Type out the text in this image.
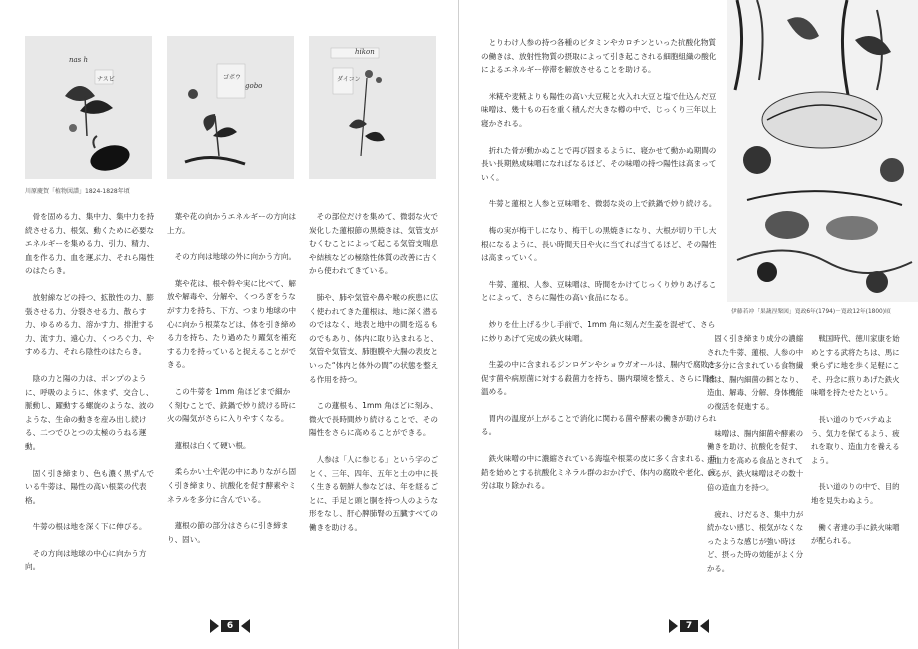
nas h
ナスビ
gobo
ゴボウ
hikon
ダイコン
川原慶賀「植物図譜」1824-1828年頃

骨を固める力、集中力、集中力を持続させる力、根気、動くために必要なエネルギーを集める力、引力、精力、血を作る力、血を運ぶ力、それら陽性のはたらき。

放射線などの持つ、拡散性の力、膨張させる力、分裂させる力、散らす力、ゆるめる力、溶かす力、排泄する力、流す力、遠心力、くつろぐ力、やすめる力、それら陰性のはたらき。

陰の力と陽の力は、ポンプのように、呼吸のように、休まず、交合し、脈動し、躍動する螺旋のような、波のような、生命の動きを産み出し続ける、二つでひとつの太極のうねる運動。

固く引き締まり、色も濃く黒ずんでいる牛蒡は、陽性の高い根菜の代表格。

牛蒡の根は地を深く下に伸びる。

その方向は地球の中心に向かう方向。

葉や花の向かうエネルギーの方向は上方。

その方向は地球の外に向かう方向。

葉や花は、根や幹や実に比べて、解放や解毒や、分解や、くつろぎをうながす力を持ち、下方、つまり地球の中心に向かう根菜などは、体を引き締める力を持ち、たり過めたり躍気を補充する力を持っていると捉えることができる。

この牛蒡を 1mm 角ほどまで細かく刻むことで、鉄鍋で炒り続ける時に火の陽気がさらに入りやすくなる。

蓮根は白くて硬い根。

柔らかい土や泥の中にありながら固く引き締まり、抗酸化を促す酵素やミネラルを多分に含んでいる。

蓮根の節の部分はさらに引き締まり、固い。

その部位だけを集めて、微弱な火で炭化した蓮根節の黒焼きは、気管支がむくむことによって起こる気管支喘息や結核などの極陰性体質の改善に古くから使われてきている。

肺や、肺や気管や鼻や喉の疾患に広く使われてきた蓮根は、地に深く潜るのではなく、地表と地中の間を巡るものでもあり、体内に取り込まれると、気管や気管支、肺胞膜や大腸の表皮といった“体内と体外の間”の状態を整える作用を持つ。

この蓮根も、1mm 角ほどに刻み、微火で長時間炒り続けることで、その陽性をさらに高めることができる。

人参は「人に参じる」という字のごとく、三年、四年、五年と土の中に長く生きる朝鮮人参などは、年を経るごとに、手足と頭と胴を持つ人のような形をなし、肝心脾肺腎の五臓すべての働きを助ける。

6

とりわけ人参の持つ各種のビタミンやカロチンといった抗酸化物質の働きは、放射性物質の摂取によって引き起こされる細胞組織の酸化によるエネルギー停滞を解放させることを助ける。

米糀や麦糀よりも陽性の高い大豆糀と火入れ大豆と塩で仕込んだ豆味噌は、幾十もの石を重く積んだ大きな樽の中で、じっくり三年以上寝かされる。

折れた骨が動かぬことで再び固まるように、寝かせて動かぬ期間の長い長期熟成味噌になればなるほど、その味噌の持つ陽性は高まっていく。

牛蒡と蓮根と人参と豆味噌を、微弱な炎の上で鉄鍋で炒り続ける。

梅の実が梅干しになり、梅干しの黒焼きになり、大根が切り干し大根になるように、長い時間天日や火に当てれば当てるほど、その陽性は高まっていく。

牛蒡、蓮根、人参、豆味噌は、時間をかけてじっくり炒りあげることによって、さらに陽性の高い食品になる。

炒りを仕上げる少し手前で、1mm 角に刻んだ生姜を混ぜて、さらに炒りあげて完成の鉄火味噌。

生姜の中に含まれるジンロゲンやショウガオールは、腸内で腐敗を促す菌や病原菌に対する殺菌力を持ち、腸内環境を整え、さらに胃を温める。

胃内の温度が上がることで消化に関わる菌や酵素の働きが助けられる。

鉄火味噌の中に濃縮されている海塩や根菜の皮に多く含まれる、亜鉛を始めとする抗酸化ミネラル群のおかげで、体内の腐敗や老化、疲労は取り除かれる。

伊藤若冲「果蔬涅槃図」寛政6年(1794)－寛政12年(1800)頃

固く引き締まり成分の濃縮された牛蒡、蓮根、人参の中に多分に含まれている食物繊維は、腸内細菌の餌となり、造血、解毒、分解、身体機能の復活を促進する。

味噌は、腸内細菌や酵素の働きを助け、抗酸化を促す、造血力を高める食品とされているが、鉄火味噌はその数十倍の造血力を持つ。

疲れ、けだるさ、集中力が続かない感じ、根気がなくなったような感じが強い時ほど、摂った時の効能がよく分かる。

戦国時代、徳川家康を始めとする武将たちは、馬に乗らずに地を歩く足軽にこそ、丹念に煎りあげた鉄火味噌を持たせたという。

長い道のりでバテぬよう、気力を保てるよう、疲れを取り、造血力を養えるよう。

長い道のりの中で、目的地を見失わぬよう。

働く者達の手に鉄火味噌が配られる。

7
